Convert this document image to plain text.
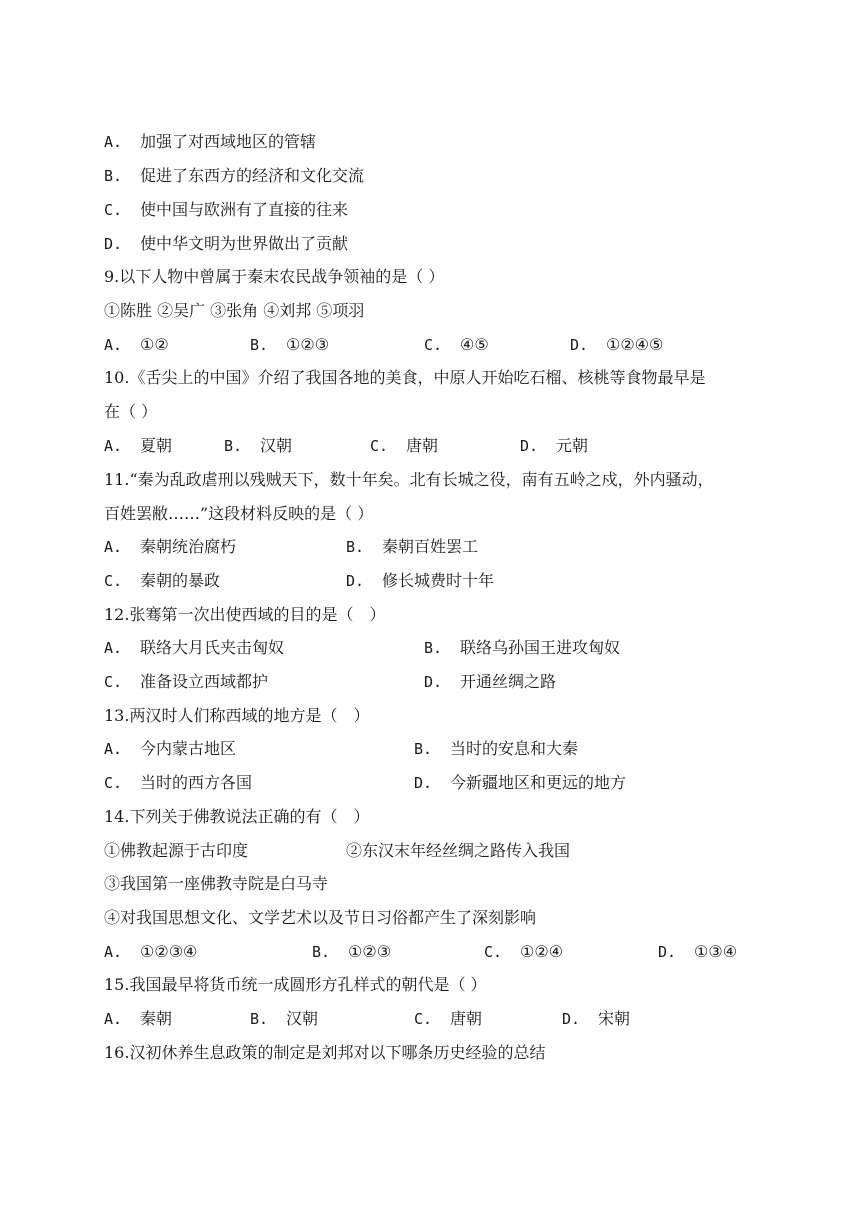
A. 加强了对西域地区的管辖
B. 促进了东西方的经济和文化交流
C. 使中国与欧洲有了直接的往来
D. 使中华文明为世界做出了贡献
9.以下人物中曾属于秦末农民战争领袖的是（ ）
①陈胜 ②吴广 ③张角 ④刘邦 ⑤项羽
A. ①②	B. ①②③	C. ④⑤	D. ①②④⑤
10.《舌尖上的中国》介绍了我国各地的美食，中原人开始吃石榴、核桃等食物最早是
在（ ）
A. 夏朝	B. 汉朝	C. 唐朝	D. 元朝
11.“秦为乱政虐刑以残贼天下，数十年矣。北有长城之役，南有五岭之戍，外内骚动，
百姓罢敝……”这段材料反映的是（ ）
A. 秦朝统治腐朽	B. 秦朝百姓罢工
C. 秦朝的暴政	D. 修长城费时十年
12.张骞第一次出使西域的目的是（　）
A. 联络大月氏夹击匈奴	B. 联络乌孙国王进攻匈奴
C. 准备设立西域都护	D. 开通丝绸之路
13.两汉时人们称西域的地方是（　）
A. 今内蒙古地区	B. 当时的安息和大秦
C. 当时的西方各国	D. 今新疆地区和更远的地方
14.下列关于佛教说法正确的有（　）
①佛教起源于古印度	②东汉末年经丝绸之路传入我国
③我国第一座佛教寺院是白马寺
④对我国思想文化、文学艺术以及节日习俗都产生了深刻影响
A. ①②③④	B. ①②③	C. ①②④	D. ①③④
15.我国最早将货币统一成圆形方孔样式的朝代是（ ）
A. 秦朝	B. 汉朝	C. 唐朝	D. 宋朝
16.汉初休养生息政策的制定是刘邦对以下哪条历史经验的总结
